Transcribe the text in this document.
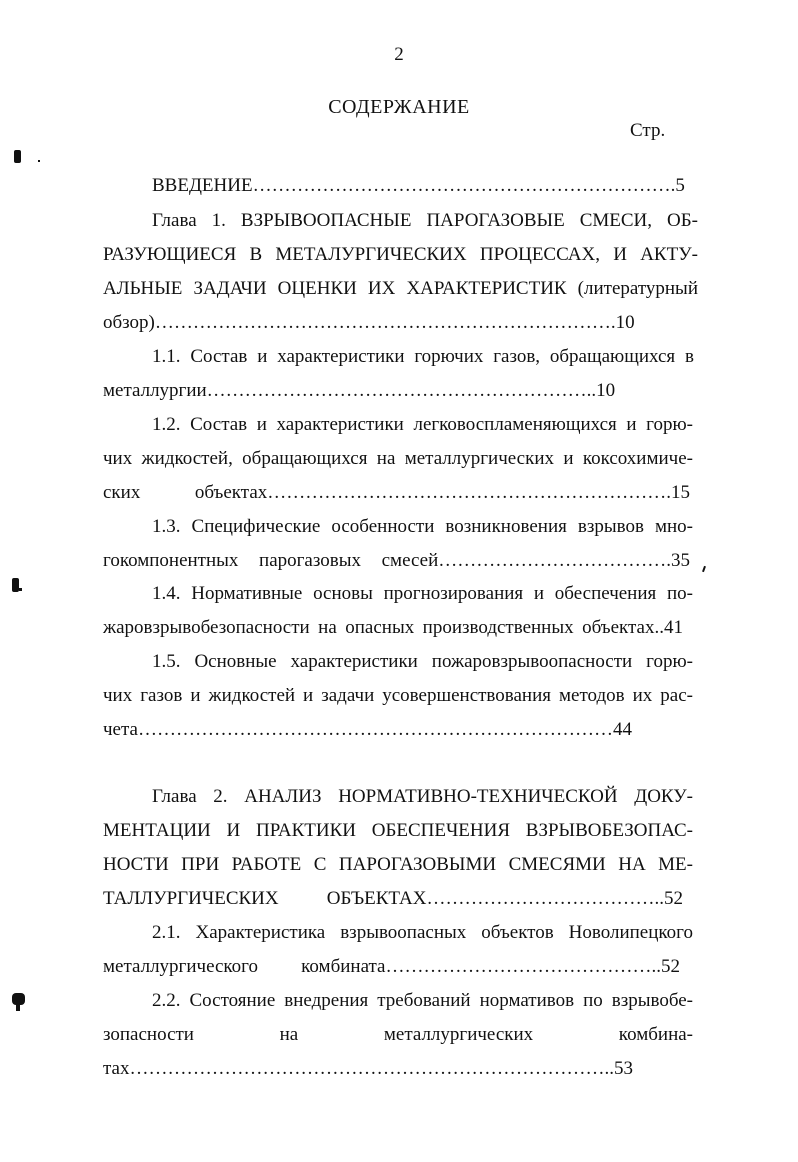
2
СОДЕРЖАНИЕ
Стр.
ВВЕДЕНИЕ………………………………………………………….5
Глава 1. ВЗРЫВООПАСНЫЕ ПАРОГАЗОВЫЕ СМЕСИ, ОБ-
РАЗУЮЩИЕСЯ В МЕТАЛУРГИЧЕСКИХ ПРОЦЕССАХ, И АКТУ-
АЛЬНЫЕ ЗАДАЧИ ОЦЕНКИ ИХ ХАРАКТЕРИСТИК (литературный
обзор)……………………………………………………………….10
1.1. Состав и характеристики горючих газов, обращающихся в
металлургии……………………………………………………..10
1.2. Состав и характеристики легковоспламеняющихся и горю-
чих жидкостей, обращающихся на металлургических и коксохимиче-
ских объектах……………………………………………………….15
1.3. Специфические особенности возникновения взрывов мно-
гокомпонентных парогазовых смесей……………………………….35
1.4. Нормативные основы прогнозирования и обеспечения по-
жаровзрывобезопасности на опасных производственных объектах..41
1.5. Основные характеристики пожаровзрывоопасности горю-
чих газов и жидкостей и задачи усовершенствования методов их рас-
чета…………………………………………………………………44
Глава 2. АНАЛИЗ НОРМАТИВНО-ТЕХНИЧЕСКОЙ ДОКУ-
МЕНТАЦИИ И ПРАКТИКИ ОБЕСПЕЧЕНИЯ ВЗРЫВОБЕЗОПАС-
НОСТИ ПРИ РАБОТЕ С ПАРОГАЗОВЫМИ СМЕСЯМИ НА МЕ-
ТАЛЛУРГИЧЕСКИХ ОБЪЕКТАХ………………………………..52
2.1. Характеристика взрывоопасных объектов Новолипецкого
металлургического комбината……………………………………..52
2.2. Состояние внедрения требований нормативов по взрывобе-
зопасности на металлургических комбина-
тах…………………………………………………………………..53
